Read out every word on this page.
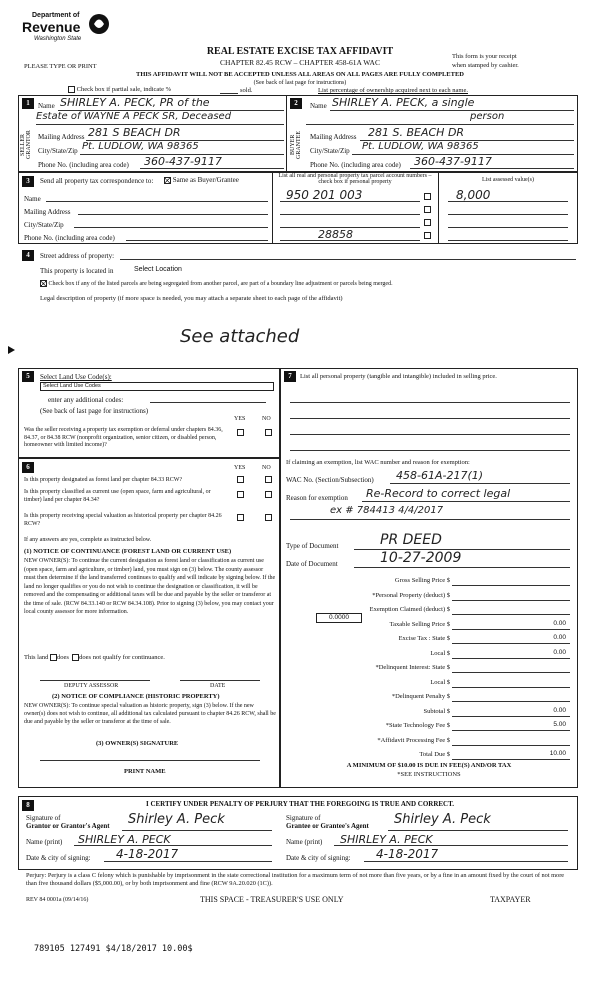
Department of
Revenue
Washington State
PLEASE TYPE OR PRINT
REAL ESTATE EXCISE TAX AFFIDAVIT
CHAPTER 82.45 RCW – CHAPTER 458-61A WAC
This form is your receipt
when stamped by cashier.
THIS AFFIDAVIT WILL NOT BE ACCEPTED UNLESS ALL AREAS ON ALL PAGES ARE FULLY COMPLETED
(See back of last page for instructions)
Check box if partial sale, indicate %	sold.	List percentage of ownership acquired next to each name.
1
SELLER GRANTOR
Name SHIRLEY A. PECK, PR of the
Estate of WAYNE A PECK SR, Deceased
Mailing Address 281 S BEACH DR
City/State/Zip Pt. LUDLOW, WA 98365
Phone No. (including area code) 360-437-9117
2
BUYER GRANTEE
Name SHIRLEY A. PECK, a single
person
Mailing Address 281 S. BEACH DR
City/State/Zip Pt. LUDLOW, WA 98365
Phone No. (including area code) 360-437-9117
3	Send all property tax correspondence to:	Same as Buyer/Grantee
Name
Mailing Address
City/State/Zip
Phone No. (including area code)
List all real and personal property tax parcel account numbers – check box if personal property	List assessed value(s)
950 201 003	8,000
28858
4	Street address of property:
This property is located in	Select Location
Check box if any of the listed parcels are being segregated from another parcel, are part of a boundary line adjustment or parcels being merged.
Legal description of property (if more space is needed, you may attach a separate sheet to each page of the affidavit)
See attached
5	Select Land Use Code(s):
Select Land Use Codes
enter any additional codes:
(See back of last page for instructions)
YES	NO
Was the seller receiving a property tax exemption or deferral under chapters 84.36, 84.37, or 84.38 RCW (nonprofit organization, senior citizen, or disabled person, homeowner with limited income)?
6	YES	NO
Is this property designated as forest land per chapter 84.33 RCW?
Is this property classified as current use (open space, farm and agricultural, or timber) land per chapter 84.34?
Is this property receiving special valuation as historical property per chapter 84.26 RCW?
If any answers are yes, complete as instructed below.
(1) NOTICE OF CONTINUANCE (FOREST LAND OR CURRENT USE)
NEW OWNER(S): To continue the current designation as forest land or classification as current use (open space, farm and agriculture, or timber) land, you must sign on (3) below. The county assessor must then determine if the land transferred continues to qualify and will indicate by signing below. If the land no longer qualifies or you do not wish to continue the designation or classification, it will be removed and the compensating or additional taxes will be due and payable by the seller or transferor at the time of sale. (RCW 84.33.140 or RCW 84.34.108). Prior to signing (3) below, you may contact your local county assessor for more information.
This land does does not qualify for continuance.
DEPUTY ASSESSOR	DATE
(2) NOTICE OF COMPLIANCE (HISTORIC PROPERTY)
NEW OWNER(S): To continue special valuation as historic property, sign (3) below. If the new owner(s) does not wish to continue, all additional tax calculated pursuant to chapter 84.26 RCW, shall be due and payable by the seller or transferor at the time of sale.
(3) OWNER(S) SIGNATURE
PRINT NAME
7	List all personal property (tangible and intangible) included in selling price.
If claiming an exemption, list WAC number and reason for exemption:
WAC No. (Section/Subsection) 458-61A-217(1)
Reason for exemption Re-Record to correct legal
ex # 784413 4/4/2017
Type of Document	PR DEED
Date of Document	10-27-2009
Gross Selling Price $
*Personal Property (deduct) $
Exemption Claimed (deduct) $
Taxable Selling Price $	0.00
Excise Tax : State $	0.00
Local $	0.00
*Delinquent Interest: State $
Local $
*Delinquent Penalty $
Subtotal $	0.00
*State Technology Fee $	5.00
*Affidavit Processing Fee $
Total Due $	10.00
0.0000
A MINIMUM OF $10.00 IS DUE IN FEE(S) AND/OR TAX
*SEE INSTRUCTIONS
8	I CERTIFY UNDER PENALTY OF PERJURY THAT THE FOREGOING IS TRUE AND CORRECT.
Signature of
Grantor or Grantor's Agent Shirley A. Peck
Name (print) SHIRLEY A. PECK
Date & city of signing: 4-18-2017
Signature of
Grantee or Grantee's Agent Shirley A. Peck
Name (print) SHIRLEY A. PECK
Date & city of signing: 4-18-2017
Perjury: Perjury is a class C felony which is punishable by imprisonment in the state correctional institution for a maximum term of not more than five years, or by a fine in an amount fixed by the court of not more than five thousand dollars ($5,000.00), or by both imprisonment and fine (RCW 9A.20.020 (1C)).
REV 84 0001a (09/14/16)	THIS SPACE - TREASURER'S USE ONLY	TAXPAYER
789105 127491 $4/18/2017 10.00$
